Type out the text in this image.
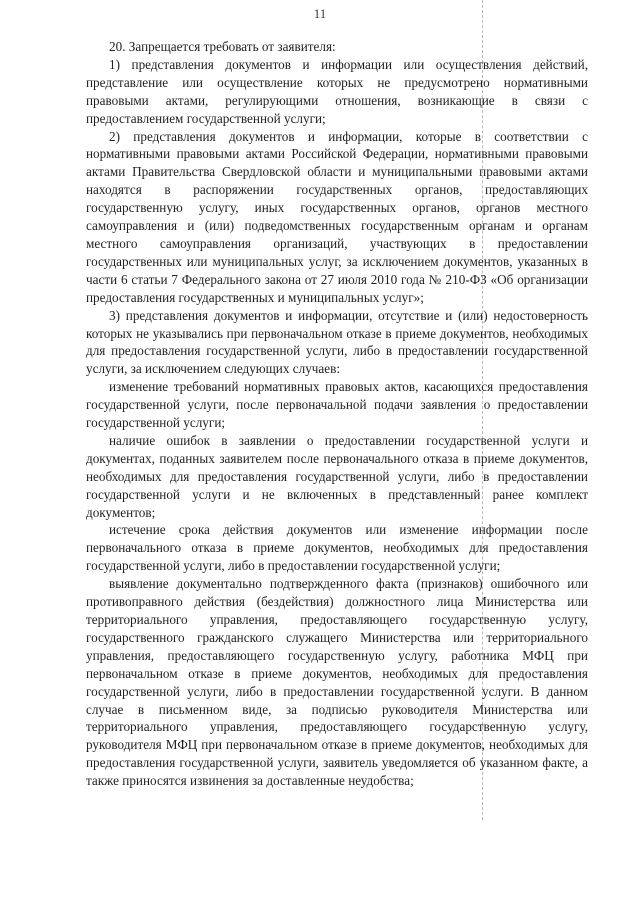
11

20. Запрещается требовать от заявителя:

1) представления документов и информации или осуществления действий, представление или осуществление которых не предусмотрено нормативными правовыми актами, регулирующими отношения, возникающие в связи с предоставлением государственной услуги;

2) представления документов и информации, которые в соответствии с нормативными правовыми актами Российской Федерации, нормативными правовыми актами Правительства Свердловской области и муниципальными правовыми актами находятся в распоряжении государственных органов, предоставляющих государственную услугу, иных государственных органов, органов местного самоуправления и (или) подведомственных государственным органам и органам местного самоуправления организаций, участвующих в предоставлении государственных или муниципальных услуг, за исключением документов, указанных в части 6 статьи 7 Федерального закона от 27 июля 2010 года № 210-ФЗ «Об организации предоставления государственных и муниципальных услуг»;

3) представления документов и информации, отсутствие и (или) недостоверность которых не указывались при первоначальном отказе в приеме документов, необходимых для предоставления государственной услуги, либо в предоставлении государственной услуги, за исключением следующих случаев:

изменение требований нормативных правовых актов, касающихся предоставления государственной услуги, после первоначальной подачи заявления о предоставлении государственной услуги;

наличие ошибок в заявлении о предоставлении государственной услуги и документах, поданных заявителем после первоначального отказа в приеме документов, необходимых для предоставления государственной услуги, либо в предоставлении государственной услуги и не включенных в представленный ранее комплект документов;

истечение срока действия документов или изменение информации после первоначального отказа в приеме документов, необходимых для предоставления государственной услуги, либо в предоставлении государственной услуги;

выявление документально подтвержденного факта (признаков) ошибочного или противоправного действия (бездействия) должностного лица Министерства или территориального управления, предоставляющего государственную услугу, государственного гражданского служащего Министерства или территориального управления, предоставляющего государственную услугу, работника МФЦ при первоначальном отказе в приеме документов, необходимых для предоставления государственной услуги, либо в предоставлении государственной услуги. В данном случае в письменном виде, за подписью руководителя Министерства или территориального управления, предоставляющего государственную услугу, руководителя МФЦ при первоначальном отказе в приеме документов, необходимых для предоставления государственной услуги, заявитель уведомляется об указанном факте, а также приносятся извинения за доставленные неудобства;
